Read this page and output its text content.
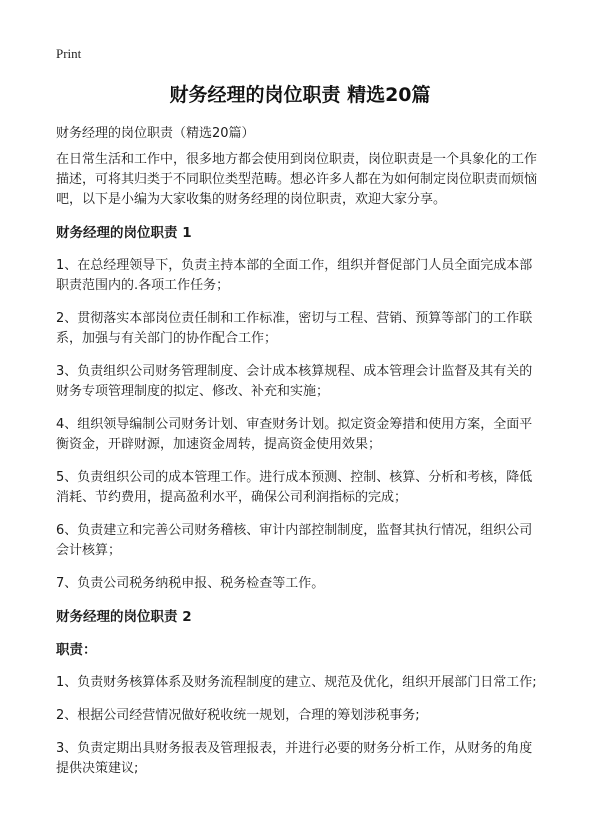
Print
财务经理的岗位职责 精选20篇
财务经理的岗位职责（精选20篇）

在日常生活和工作中，很多地方都会使用到岗位职责，岗位职责是一个具象化的工作描述，可将其归类于不同职位类型范畴。想必许多人都在为如何制定岗位职责而烦恼吧，以下是小编为大家收集的财务经理的岗位职责，欢迎大家分享。

财务经理的岗位职责 1

1、在总经理领导下，负责主持本部的全面工作，组织并督促部门人员全面完成本部职责范围内的.各项工作任务；

2、贯彻落实本部岗位责任制和工作标准，密切与工程、营销、预算等部门的工作联系，加强与有关部门的协作配合工作；

3、负责组织公司财务管理制度、会计成本核算规程、成本管理会计监督及其有关的财务专项管理制度的拟定、修改、补充和实施；

4、组织领导编制公司财务计划、审查财务计划。拟定资金筹措和使用方案，全面平衡资金，开辟财源，加速资金周转，提高资金使用效果；

5、负责组织公司的成本管理工作。进行成本预测、控制、核算、分析和考核，降低消耗、节约费用，提高盈利水平，确保公司利润指标的完成；

6、负责建立和完善公司财务稽核、审计内部控制制度，监督其执行情况，组织公司会计核算；

7、负责公司税务纳税申报、税务检查等工作。

财务经理的岗位职责 2
职责：

1、负责财务核算体系及财务流程制度的建立、规范及优化，组织开展部门日常工作;

2、根据公司经营情况做好税收统一规划，合理的筹划涉税事务;

3、负责定期出具财务报表及管理报表，并进行必要的财务分析工作，从财务的角度提供决策建议;
